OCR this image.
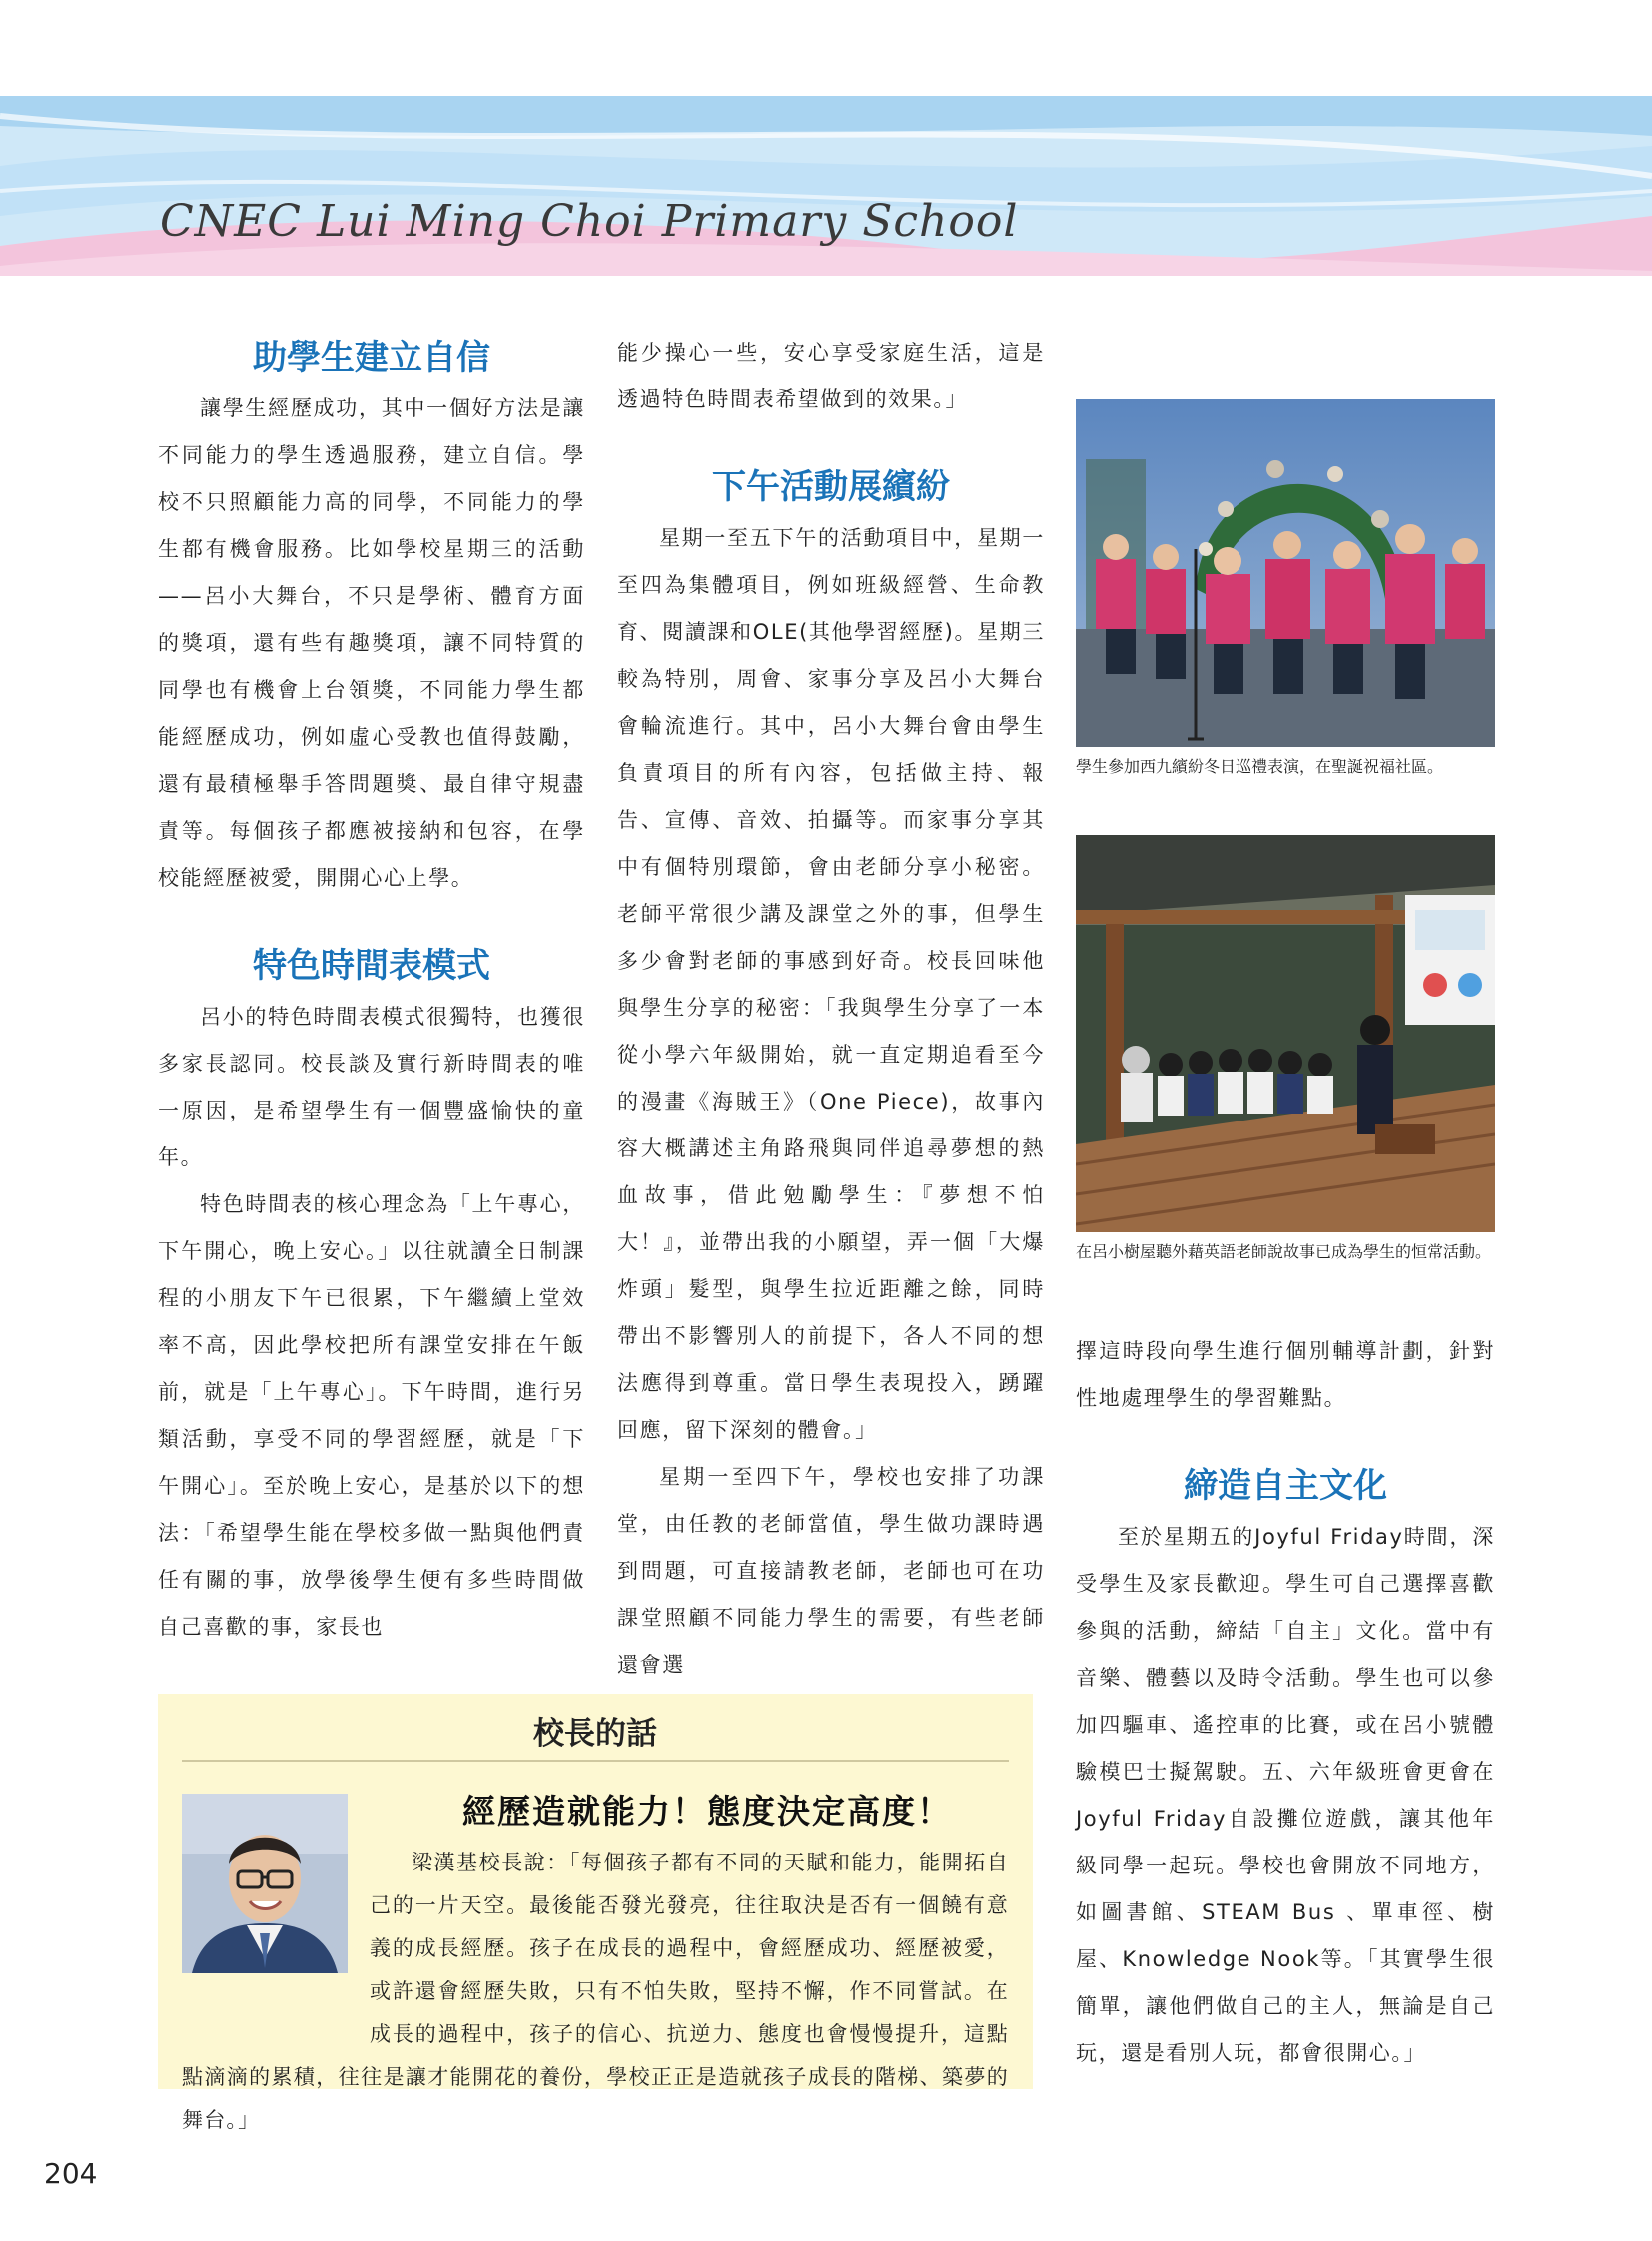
CNEC Lui Ming Choi Primary School
助學生建立自信

讓學生經歷成功，其中一個好方法是讓不同能力的學生透過服務，建立自信。學校不只照顧能力高的同學，不同能力的學生都有機會服務。比如學校星期三的活動——呂小大舞台，不只是學術、體育方面的獎項，還有些有趣獎項，讓不同特質的同學也有機會上台領獎，不同能力學生都能經歷成功，例如虛心受教也值得鼓勵，還有最積極舉手答問題獎、最自律守規盡責等。每個孩子都應被接納和包容，在學校能經歷被愛，開開心心上學。

特色時間表模式

呂小的特色時間表模式很獨特，也獲很多家長認同。校長談及實行新時間表的唯一原因，是希望學生有一個豐盛愉快的童年。

特色時間表的核心理念為「上午專心，下午開心，晚上安心。」以往就讀全日制課程的小朋友下午已很累，下午繼續上堂效率不高，因此學校把所有課堂安排在午飯前，就是「上午專心」。下午時間，進行另類活動，享受不同的學習經歷，就是「下午開心」。至於晚上安心，是基於以下的想法：「希望學生能在學校多做一點與他們責任有關的事，放學後學生便有多些時間做自己喜歡的事，家長也

能少操心一些，安心享受家庭生活，這是透過特色時間表希望做到的效果。」

下午活動展繽紛

星期一至五下午的活動項目中，星期一至四為集體項目，例如班級經營、生命教育、閱讀課和OLE(其他學習經歷)。星期三較為特別，周會、家事分享及呂小大舞台會輪流進行。其中，呂小大舞台會由學生負責項目的所有內容，包括做主持、報告、宣傳、音效、拍攝等。而家事分享其中有個特別環節，會由老師分享小秘密。老師平常很少講及課堂之外的事，但學生多少會對老師的事感到好奇。校長回味他與學生分享的秘密：「我與學生分享了一本從小學六年級開始，就一直定期追看至今的漫畫《海賊王》（One Piece)，故事內容大概講述主角路飛與同伴追尋夢想的熱血故事，借此勉勵學生：『夢想不怕大！』，並帶出我的小願望，弄一個「大爆炸頭」髮型，與學生拉近距離之餘，同時帶出不影響別人的前提下，各人不同的想法應得到尊重。當日學生表現投入，踴躍回應，留下深刻的體會。」

星期一至四下午，學校也安排了功課堂，由任教的老師當值，學生做功課時遇到問題，可直接請教老師，老師也可在功課堂照顧不同能力學生的需要，有些老師還會選

學生參加西九繽紛冬日巡禮表演，在聖誕祝福社區。
在呂小樹屋聽外藉英語老師說故事已成為學生的恒常活動。

擇這時段向學生進行個別輔導計劃，針對性地處理學生的學習難點。

締造自主文化

至於星期五的Joyful Friday時間，深受學生及家長歡迎。學生可自己選擇喜歡參與的活動，締結「自主」文化。當中有音樂、體藝以及時令活動。學生也可以參加四驅車、遙控車的比賽，或在呂小號體驗模巴士擬駕駛。五、六年級班會更會在Joyful Friday自設攤位遊戲，讓其他年級同學一起玩。學校也會開放不同地方，如圖書館、STEAM Bus 、單車徑、樹屋、Knowledge Nook等。「其實學生很簡單，讓他們做自己的主人，無論是自己玩，還是看別人玩，都會很開心。」

校長的話
經歷造就能力！態度決定高度！
梁漢基校長說：「每個孩子都有不同的天賦和能力，能開拓自己的一片天空。最後能否發光發亮，往往取決是否有一個饒有意義的成長經歷。孩子在成長的過程中，會經歷成功、經歷被愛，或許還會經歷失敗，只有不怕失敗，堅持不懈，作不同嘗試。在成長的過程中，孩子的信心、抗逆力、態度也會慢慢提升，這點點滴滴的累積，往往是讓才能開花的養份，學校正正是造就孩子成長的階梯、築夢的舞台。」
204
